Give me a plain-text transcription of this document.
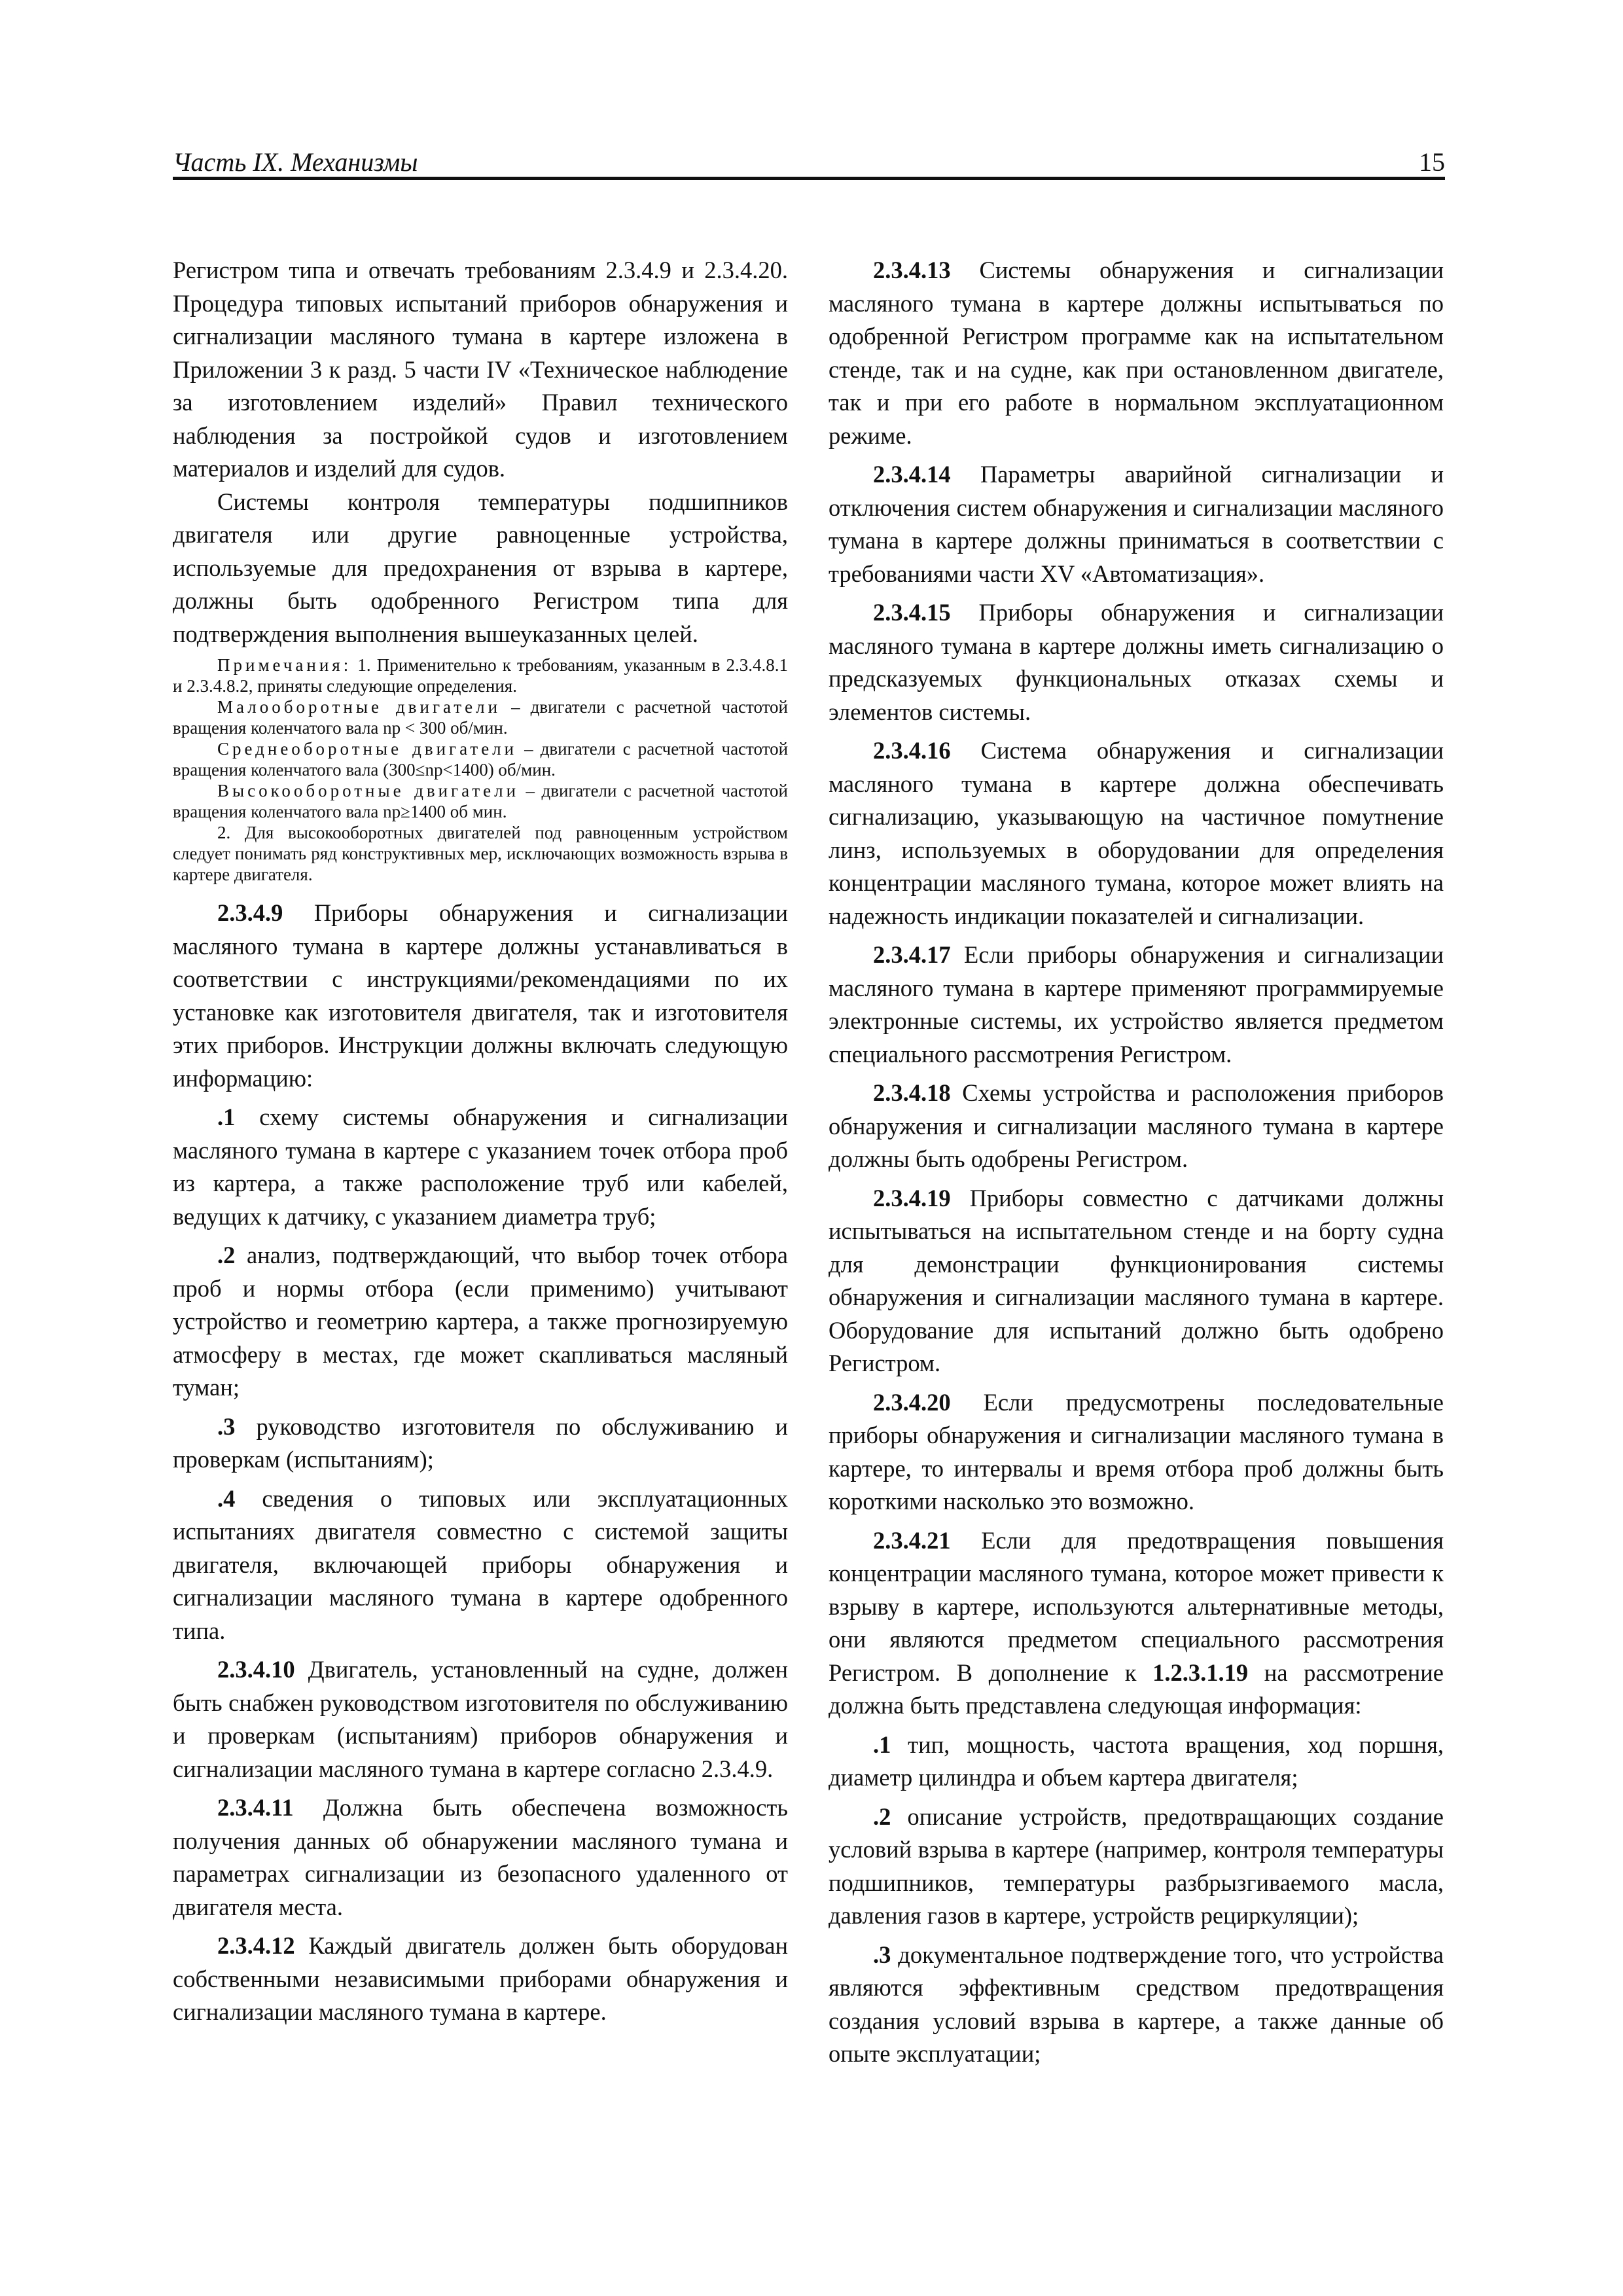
Часть IX. Механизмы	15

Регистром типа и отвечать требованиям 2.3.4.9 и 2.3.4.20. Процедура типовых испытаний приборов обнаружения и сигнализации масляного тумана в картере изложена в Приложении 3 к разд. 5 части IV «Техническое наблюдение за изготовлением изделий» Правил технического наблюдения за постройкой судов и изготовлением материалов и изделий для судов.

Системы контроля температуры подшипников двигателя или другие равноценные устройства, используемые для предохранения от взрыва в картере, должны быть одобренного Регистром типа для подтверждения выполнения вышеуказанных целей.

Примечания: 1. Применительно к требованиям, указанным в 2.3.4.8.1 и 2.3.4.8.2, приняты следующие определения.

Малооборотные двигатели – двигатели с расчетной частотой вращения коленчатого вала nр < 300 об/мин.

Среднеоборотные двигатели – двигатели с расчетной частотой вращения коленчатого вала (300≤nр<1400) об/мин.

Высокооборотные двигатели – двигатели с расчетной частотой вращения коленчатого вала nр≥1400 об мин.

2. Для высокооборотных двигателей под равноценным устройством следует понимать ряд конструктивных мер, исключающих возможность взрыва в картере двигателя.

2.3.4.9 Приборы обнаружения и сигнализации масляного тумана в картере должны устанавливаться в соответствии с инструкциями/рекомендациями по их установке как изготовителя двигателя, так и изготовителя этих приборов. Инструкции должны включать следующую информацию:

.1 схему системы обнаружения и сигнализации масляного тумана в картере с указанием точек отбора проб из картера, а также расположение труб или кабелей, ведущих к датчику, с указанием диаметра труб;

.2 анализ, подтверждающий, что выбор точек отбора проб и нормы отбора (если применимо) учитывают устройство и геометрию картера, а также прогнозируемую атмосферу в местах, где может скапливаться масляный туман;

.3 руководство изготовителя по обслуживанию и проверкам (испытаниям);

.4 сведения о типовых или эксплуатационных испытаниях двигателя совместно с системой защиты двигателя, включающей приборы обнаружения и сигнализации масляного тумана в картере одобренного типа.

2.3.4.10 Двигатель, установленный на судне, должен быть снабжен руководством изготовителя по обслуживанию и проверкам (испытаниям) приборов обнаружения и сигнализации масляного тумана в картере согласно 2.3.4.9.

2.3.4.11 Должна быть обеспечена возможность получения данных об обнаружении масляного тумана и параметрах сигнализации из безопасного удаленного от двигателя места.

2.3.4.12 Каждый двигатель должен быть оборудован собственными независимыми приборами обнаружения и сигнализации масляного тумана в картере.

2.3.4.13 Системы обнаружения и сигнализации масляного тумана в картере должны испытываться по одобренной Регистром программе как на испытательном стенде, так и на судне, как при остановленном двигателе, так и при его работе в нормальном эксплуатационном режиме.

2.3.4.14 Параметры аварийной сигнализации и отключения систем обнаружения и сигнализации масляного тумана в картере должны приниматься в соответствии с требованиями части XV «Автоматизация».

2.3.4.15 Приборы обнаружения и сигнализации масляного тумана в картере должны иметь сигнализацию о предсказуемых функциональных отказах схемы и элементов системы.

2.3.4.16 Система обнаружения и сигнализации масляного тумана в картере должна обеспечивать сигнализацию, указывающую на частичное помутнение линз, используемых в оборудовании для определения концентрации масляного тумана, которое может влиять на надежность индикации показателей и сигнализации.

2.3.4.17 Если приборы обнаружения и сигнализации масляного тумана в картере применяют программируемые электронные системы, их устройство является предметом специального рассмотрения Регистром.

2.3.4.18 Схемы устройства и расположения приборов обнаружения и сигнализации масляного тумана в картере должны быть одобрены Регистром.

2.3.4.19 Приборы совместно с датчиками должны испытываться на испытательном стенде и на борту судна для демонстрации функционирования системы обнаружения и сигнализации масляного тумана в картере. Оборудование для испытаний должно быть одобрено Регистром.

2.3.4.20 Если предусмотрены последовательные приборы обнаружения и сигнализации масляного тумана в картере, то интервалы и время отбора проб должны быть короткими насколько это возможно.

2.3.4.21 Если для предотвращения повышения концентрации масляного тумана, которое может привести к взрыву в картере, используются альтернативные методы, они являются предметом специального рассмотрения Регистром. В дополнение к 1.2.3.1.19 на рассмотрение должна быть представлена следующая информация:

.1 тип, мощность, частота вращения, ход поршня, диаметр цилиндра и объем картера двигателя;

.2 описание устройств, предотвращающих создание условий взрыва в картере (например, контроля температуры подшипников, температуры разбрызгиваемого масла, давления газов в картере, устройств рециркуляции);

.3 документальное подтверждение того, что устройства являются эффективным средством предотвращения создания условий взрыва в картере, а также данные об опыте эксплуатации;
